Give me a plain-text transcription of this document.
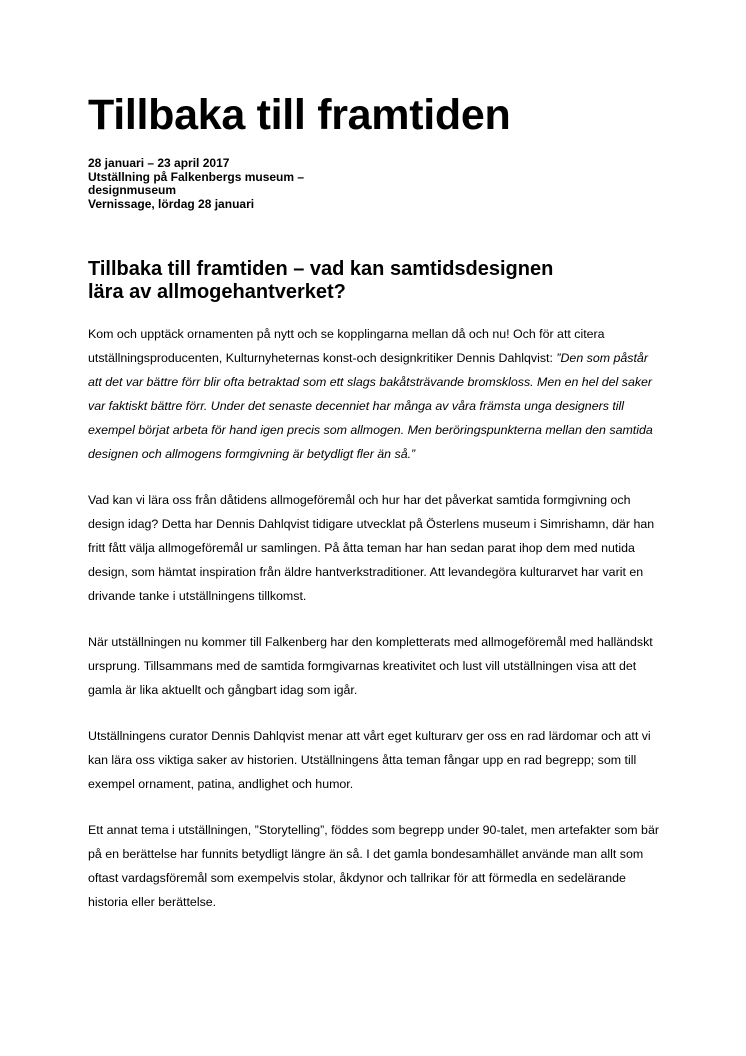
Tillbaka till framtiden
28 januari – 23 april 2017
Utställning på Falkenbergs museum –
designmuseum
Vernissage, lördag 28 januari
Tillbaka till framtiden – vad kan samtidsdesignen
lära av allmogehantverket?

Kom och upptäck ornamenten på nytt och se kopplingarna mellan då och nu! Och för att citera utställningsproducenten, Kulturnyheternas konst-och designkritiker Dennis Dahlqvist: ”Den som påstår att det var bättre förr blir ofta betraktad som ett slags bakåtsträvande bromskloss. Men en hel del saker var faktiskt bättre förr. Under det senaste decenniet har många av våra främsta unga designers till exempel börjat arbeta för hand igen precis som allmogen. Men beröringspunkterna mellan den samtida designen och allmogens formgivning är betydligt fler än så.”

Vad kan vi lära oss från dåtidens allmogeföremål och hur har det påverkat samtida formgivning och design idag? Detta har Dennis Dahlqvist tidigare utvecklat på Österlens museum i Simrishamn, där han fritt fått välja allmogeföremål ur samlingen. På åtta teman har han sedan parat ihop dem med nutida design, som hämtat inspiration från äldre hantverkstraditioner. Att levandegöra kulturarvet har varit en drivande tanke i utställningens tillkomst.

När utställningen nu kommer till Falkenberg har den kompletterats med allmogeföremål med halländskt ursprung. Tillsammans med de samtida formgivarnas kreativitet och lust vill utställningen visa att det gamla är lika aktuellt och gångbart idag som igår.

Utställningens curator Dennis Dahlqvist menar att vårt eget kulturarv ger oss en rad lärdomar och att vi kan lära oss viktiga saker av historien. Utställningens åtta teman fångar upp en rad begrepp; som till exempel ornament, patina, andlighet och humor.

Ett annat tema i utställningen, ”Storytelling”, föddes som begrepp under 90-talet, men artefakter som bär på en berättelse har funnits betydligt längre än så. I det gamla bondesamhället använde man allt som oftast vardagsföremål som exempelvis stolar, åkdynor och tallrikar för att förmedla en sedelärande historia eller berättelse.
